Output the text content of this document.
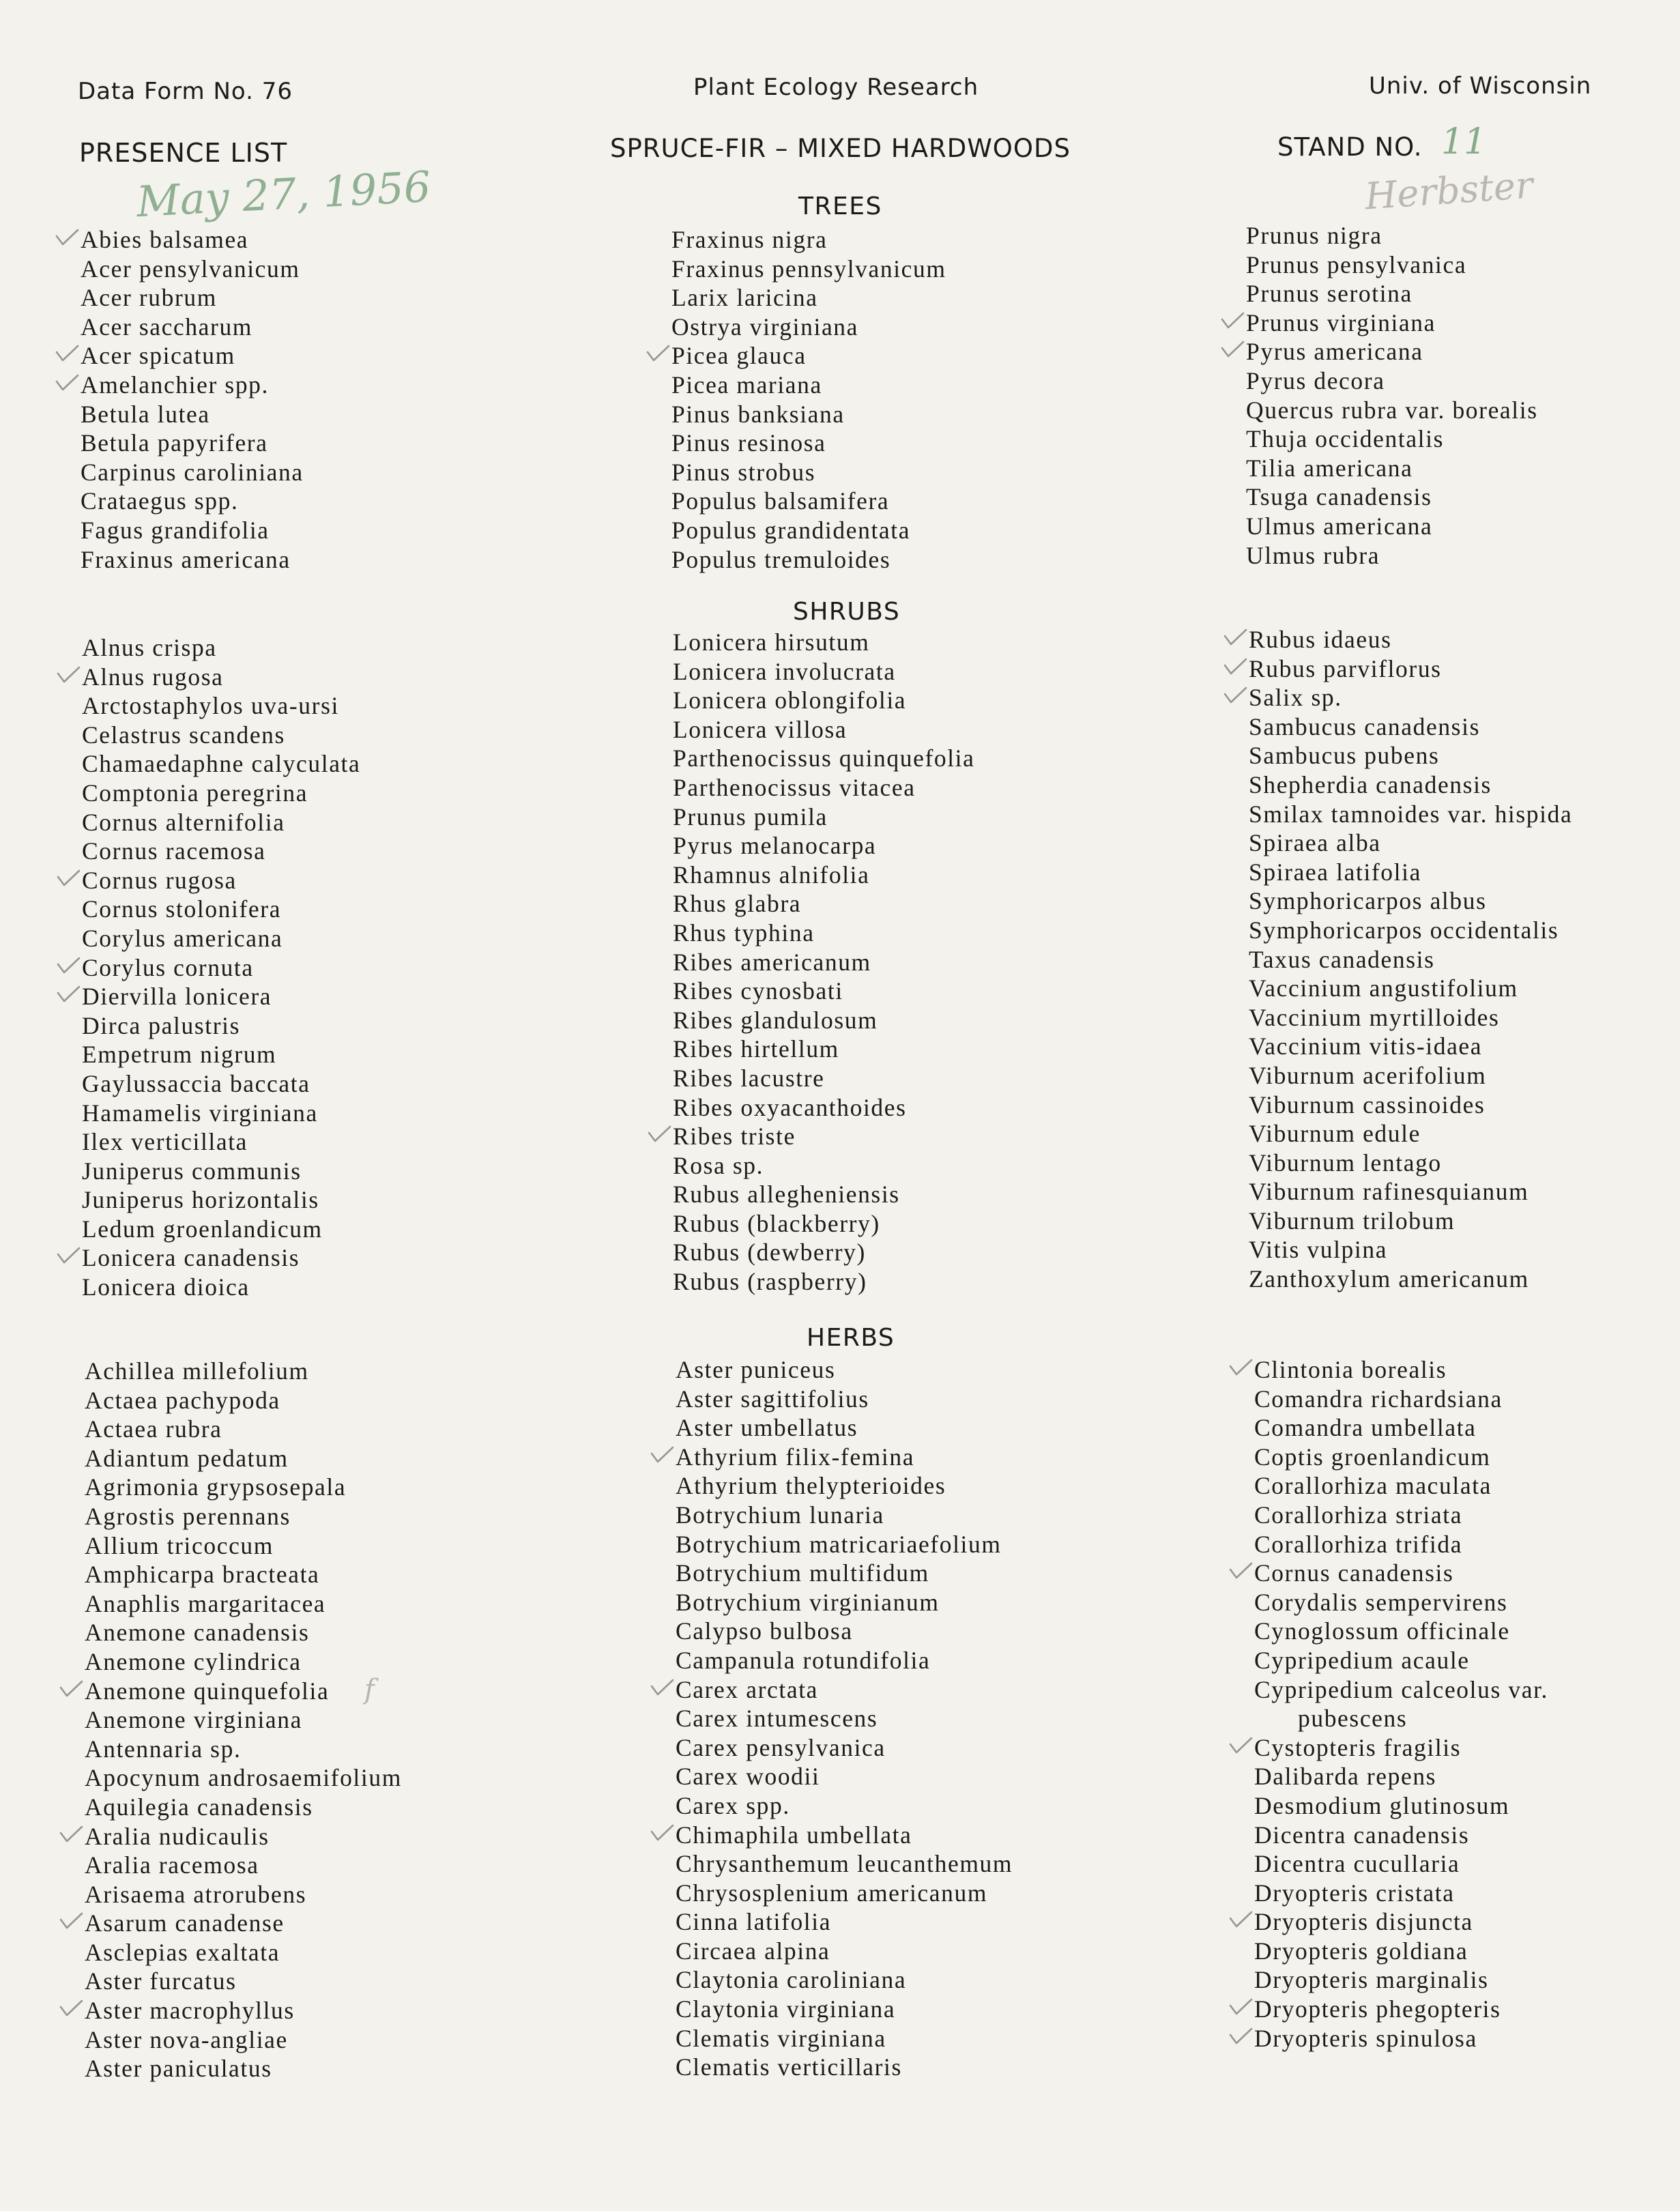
Data Form No. 76	Plant Ecology Research	Univ. of Wisconsin
PRESENCE LIST	SPRUCE-FIR – MIXED HARDWOODS	STAND NO. 11
May 27, 1956	Herbster
TREES
SHRUBS
HERBS
Abies balsamea
Acer pensylvanicum
Acer rubrum
Acer saccharum
Acer spicatum
Amelanchier spp.
Betula lutea
Betula papyrifera
Carpinus caroliniana
Crataegus spp.
Fagus grandifolia
Fraxinus americana
Fraxinus nigra
Fraxinus pennsylvanicum
Larix laricina
Ostrya virginiana
Picea glauca
Picea mariana
Pinus banksiana
Pinus resinosa
Pinus strobus
Populus balsamifera
Populus grandidentata
Populus tremuloides
Prunus nigra
Prunus pensylvanica
Prunus serotina
Prunus virginiana
Pyrus americana
Pyrus decora
Quercus rubra var. borealis
Thuja occidentalis
Tilia americana
Tsuga canadensis
Ulmus americana
Ulmus rubra
Alnus crispa
Alnus rugosa
Arctostaphylos uva-ursi
Celastrus scandens
Chamaedaphne calyculata
Comptonia peregrina
Cornus alternifolia
Cornus racemosa
Cornus rugosa
Cornus stolonifera
Corylus americana
Corylus cornuta
Diervilla lonicera
Dirca palustris
Empetrum nigrum
Gaylussaccia baccata
Hamamelis virginiana
Ilex verticillata
Juniperus communis
Juniperus horizontalis
Ledum groenlandicum
Lonicera canadensis
Lonicera dioica
Lonicera hirsutum
Lonicera involucrata
Lonicera oblongifolia
Lonicera villosa
Parthenocissus quinquefolia
Parthenocissus vitacea
Prunus pumila
Pyrus melanocarpa
Rhamnus alnifolia
Rhus glabra
Rhus typhina
Ribes americanum
Ribes cynosbati
Ribes glandulosum
Ribes hirtellum
Ribes lacustre
Ribes oxyacanthoides
Ribes triste
Rosa sp.
Rubus allegheniensis
Rubus (blackberry)
Rubus (dewberry)
Rubus (raspberry)
Rubus idaeus
Rubus parviflorus
Salix sp.
Sambucus canadensis
Sambucus pubens
Shepherdia canadensis
Smilax tamnoides var. hispida
Spiraea alba
Spiraea latifolia
Symphoricarpos albus
Symphoricarpos occidentalis
Taxus canadensis
Vaccinium angustifolium
Vaccinium myrtilloides
Vaccinium vitis-idaea
Viburnum acerifolium
Viburnum cassinoides
Viburnum edule
Viburnum lentago
Viburnum rafinesquianum
Viburnum trilobum
Vitis vulpina
Zanthoxylum americanum
Achillea millefolium
Actaea pachypoda
Actaea rubra
Adiantum pedatum
Agrimonia grypsosepala
Agrostis perennans
Allium tricoccum
Amphicarpa bracteata
Anaphlis margaritacea
Anemone canadensis
Anemone cylindrica
Anemone quinquefolia f
Anemone virginiana
Antennaria sp.
Apocynum androsaemifolium
Aquilegia canadensis
Aralia nudicaulis
Aralia racemosa
Arisaema atrorubens
Asarum canadense
Asclepias exaltata
Aster furcatus
Aster macrophyllus
Aster nova-angliae
Aster paniculatus
Aster puniceus
Aster sagittifolius
Aster umbellatus
Athyrium filix-femina
Athyrium thelypterioides
Botrychium lunaria
Botrychium matricariaefolium
Botrychium multifidum
Botrychium virginianum
Calypso bulbosa
Campanula rotundifolia
Carex arctata
Carex intumescens
Carex pensylvanica
Carex woodii
Carex spp.
Chimaphila umbellata
Chrysanthemum leucanthemum
Chrysosplenium americanum
Cinna latifolia
Circaea alpina
Claytonia caroliniana
Claytonia virginiana
Clematis virginiana
Clematis verticillaris
Clintonia borealis
Comandra richardsiana
Comandra umbellata
Coptis groenlandicum
Corallorhiza maculata
Corallorhiza striata
Corallorhiza trifida
Cornus canadensis
Corydalis sempervirens
Cynoglossum officinale
Cypripedium acaule
Cypripedium calceolus var.
pubescens
Cystopteris fragilis
Dalibarda repens
Desmodium glutinosum
Dicentra canadensis
Dicentra cucullaria
Dryopteris cristata
Dryopteris disjuncta
Dryopteris goldiana
Dryopteris marginalis
Dryopteris phegopteris
Dryopteris spinulosa
